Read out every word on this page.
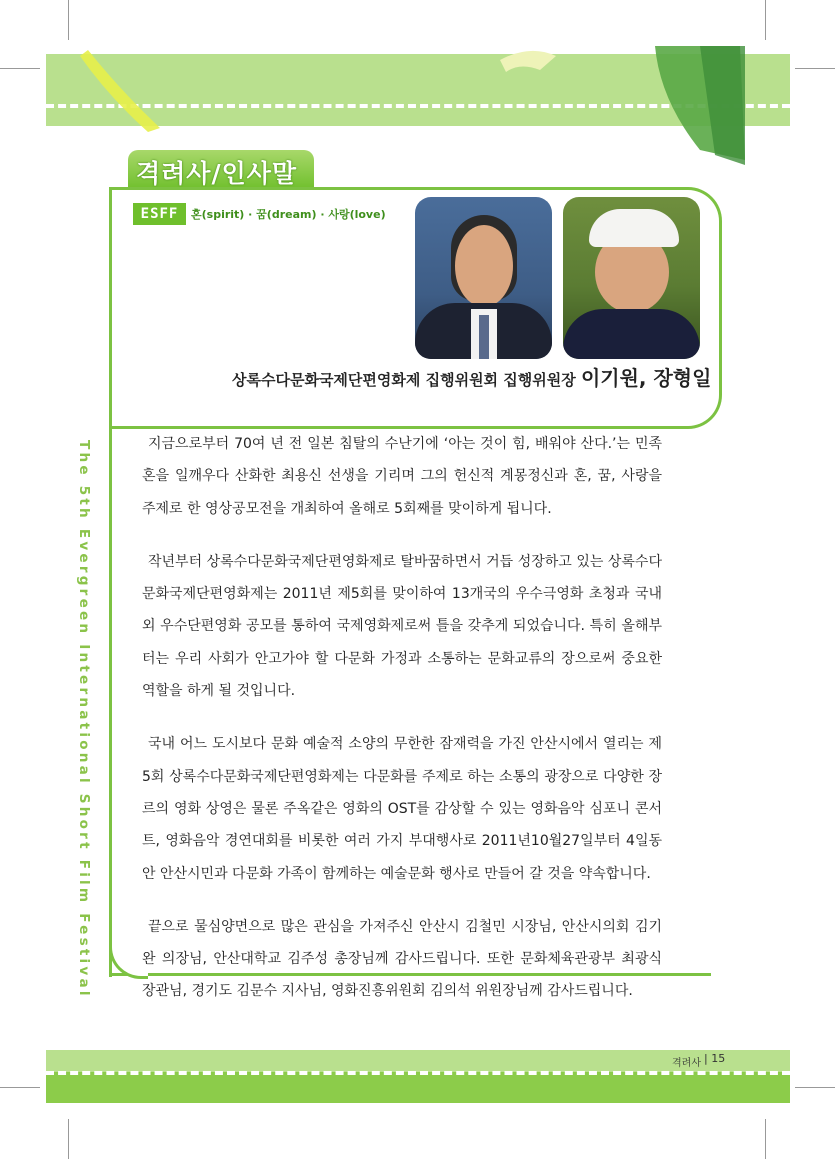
격려사/인사말
ESFF	혼(spirit) · 꿈(dream) · 사랑(love)
상록수다문화국제단편영화제 집행위원회 집행위원장 이기원, 장형일
The 5th Evergreen International Short Film Festival	지금으로부터 70여 년 전 일본 침탈의 수난기에 ‘아는 것이 힘, 배워야 산다.’는 민족혼을 일깨우다 산화한 최용신 선생을 기리며 그의 헌신적 계몽정신과 혼, 꿈, 사랑을 주제로 한 영상공모전을 개최하여 올해로 5회째를 맞이하게 됩니다.

작년부터 상록수다문화국제단편영화제로 탈바꿈하면서 거듭 성장하고 있는 상록수다문화국제단편영화제는 2011년 제5회를 맞이하여 13개국의 우수극영화 초청과 국내외 우수단편영화 공모를 통하여 국제영화제로써 틀을 갖추게 되었습니다. 특히 올해부터는 우리 사회가 안고가야 할 다문화 가정과 소통하는 문화교류의 장으로써 중요한 역할을 하게 될 것입니다.

국내 어느 도시보다 문화 예술적 소양의 무한한 잠재력을 가진 안산시에서 열리는 제5회 상록수다문화국제단편영화제는 다문화를 주제로 하는 소통의 광장으로 다양한 장르의 영화 상영은 물론 주옥같은 영화의 OST를 감상할 수 있는 영화음악 심포니 콘서트, 영화음악 경연대회를 비롯한 여러 가지 부대행사로 2011년10월27일부터 4일동안 안산시민과 다문화 가족이 함께하는 예술문화 행사로 만들어 갈 것을 약속합니다.

끝으로 물심양면으로 많은 관심을 가져주신 안산시 김철민 시장님, 안산시의회 김기완 의장님, 안산대학교 김주성 총장님께 감사드립니다. 또한 문화체육관광부 최광식 장관님, 경기도 김문수 지사님, 영화진흥위원회 김의석 위원장님께 감사드립니다.

격려사 | 15
